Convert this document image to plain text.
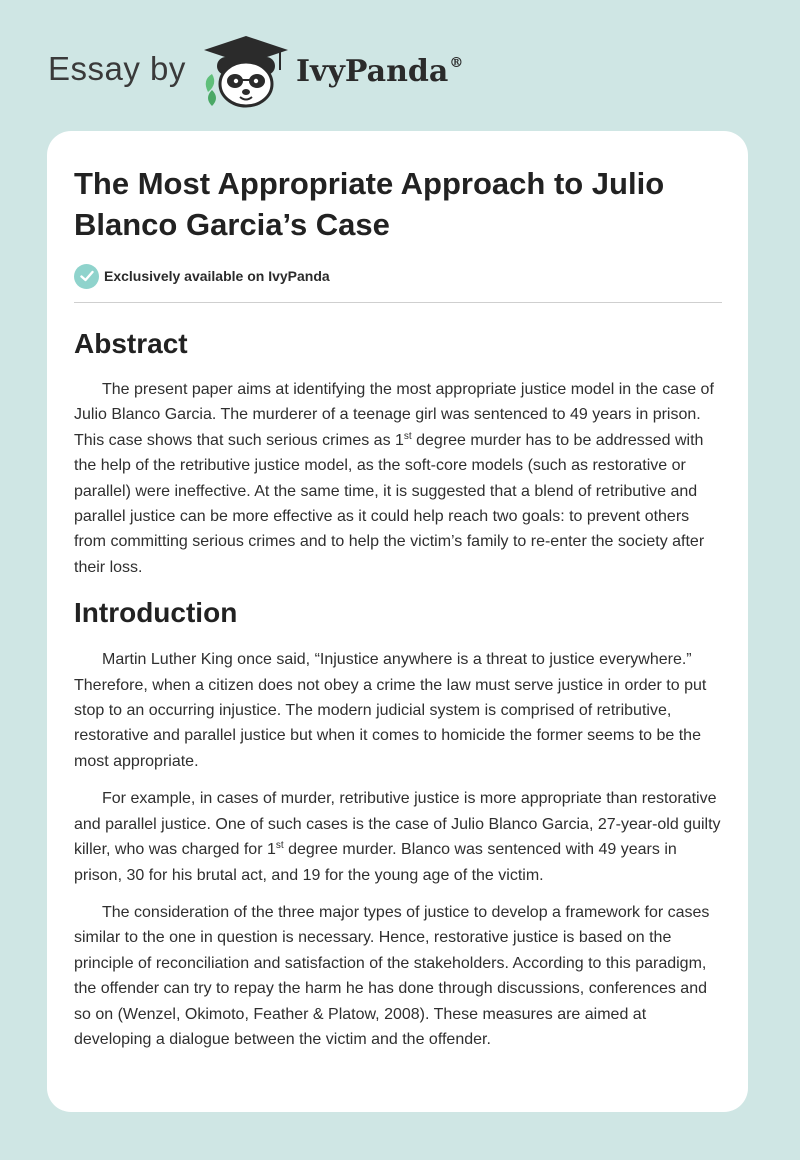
Essay by	IvyPanda®
The Most Appropriate Approach to Julio Blanco Garcia’s Case
Exclusively available on IvyPanda
Abstract

The present paper aims at identifying the most appropriate justice model in the case of Julio Blanco Garcia. The murderer of a teenage girl was sentenced to 49 years in prison. This case shows that such serious crimes as 1st degree murder has to be addressed with the help of the retributive justice model, as the soft-core models (such as restorative or parallel) were ineffective. At the same time, it is suggested that a blend of retributive and parallel justice can be more effective as it could help reach two goals: to prevent others from committing serious crimes and to help the victim’s family to re-enter the society after their loss.

Introduction

Martin Luther King once said, “Injustice anywhere is a threat to justice everywhere.” Therefore, when a citizen does not obey a crime the law must serve justice in order to put stop to an occurring injustice. The modern judicial system is comprised of retributive, restorative and parallel justice but when it comes to homicide the former seems to be the most appropriate.

For example, in cases of murder, retributive justice is more appropriate than restorative and parallel justice. One of such cases is the case of Julio Blanco Garcia, 27-year-old guilty killer, who was charged for 1st degree murder. Blanco was sentenced with 49 years in prison, 30 for his brutal act, and 19 for the young age of the victim.

The consideration of the three major types of justice to develop a framework for cases similar to the one in question is necessary. Hence, restorative justice is based on the principle of reconciliation and satisfaction of the stakeholders. According to this paradigm, the offender can try to repay the harm he has done through discussions, conferences and so on (Wenzel, Okimoto, Feather & Platow, 2008). These measures are aimed at developing a dialogue between the victim and the offender.
